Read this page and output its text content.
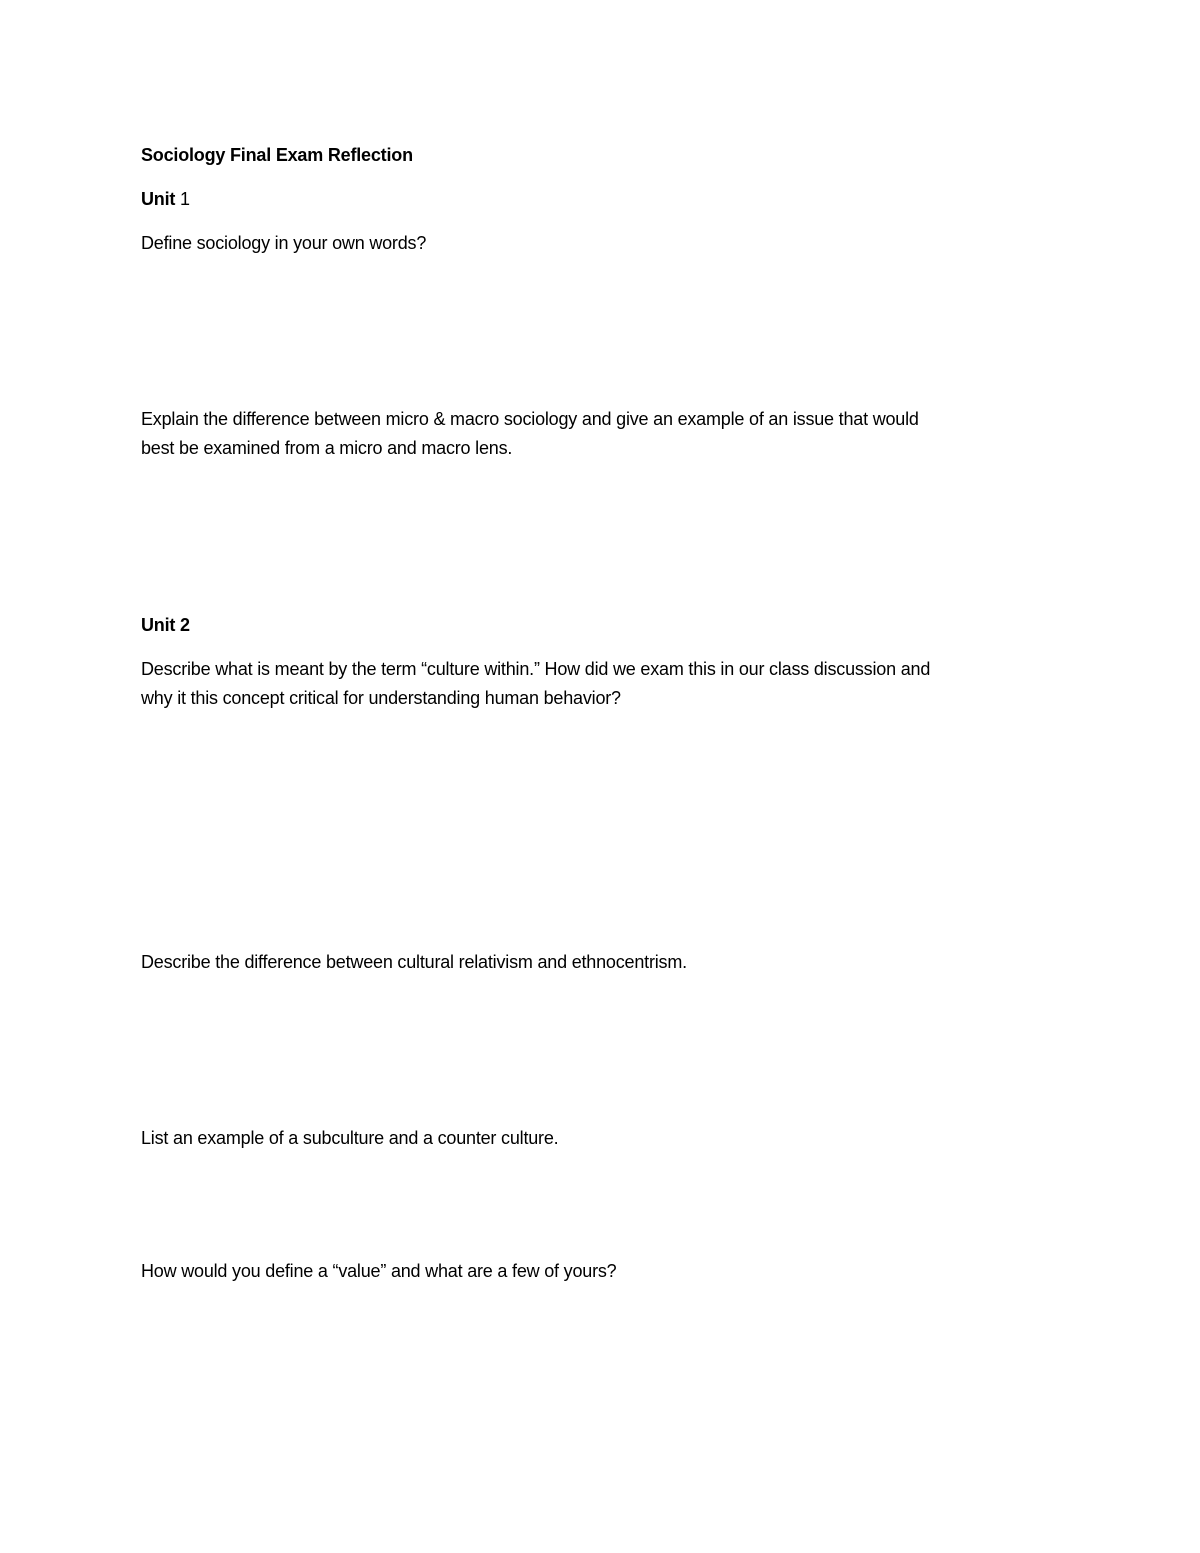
Sociology Final Exam Reflection

Unit 1

Define sociology in your own words?

Explain the difference between micro & macro sociology and give an example of an issue that would

best be examined from a micro and macro lens.

Unit 2

Describe what is meant by the term “culture within.” How did we exam this in our class discussion and

why it this concept critical for understanding human behavior?

Describe the difference between cultural relativism and ethnocentrism.

List an example of a subculture and a counter culture.

How would you define a “value” and what are a few of yours?
